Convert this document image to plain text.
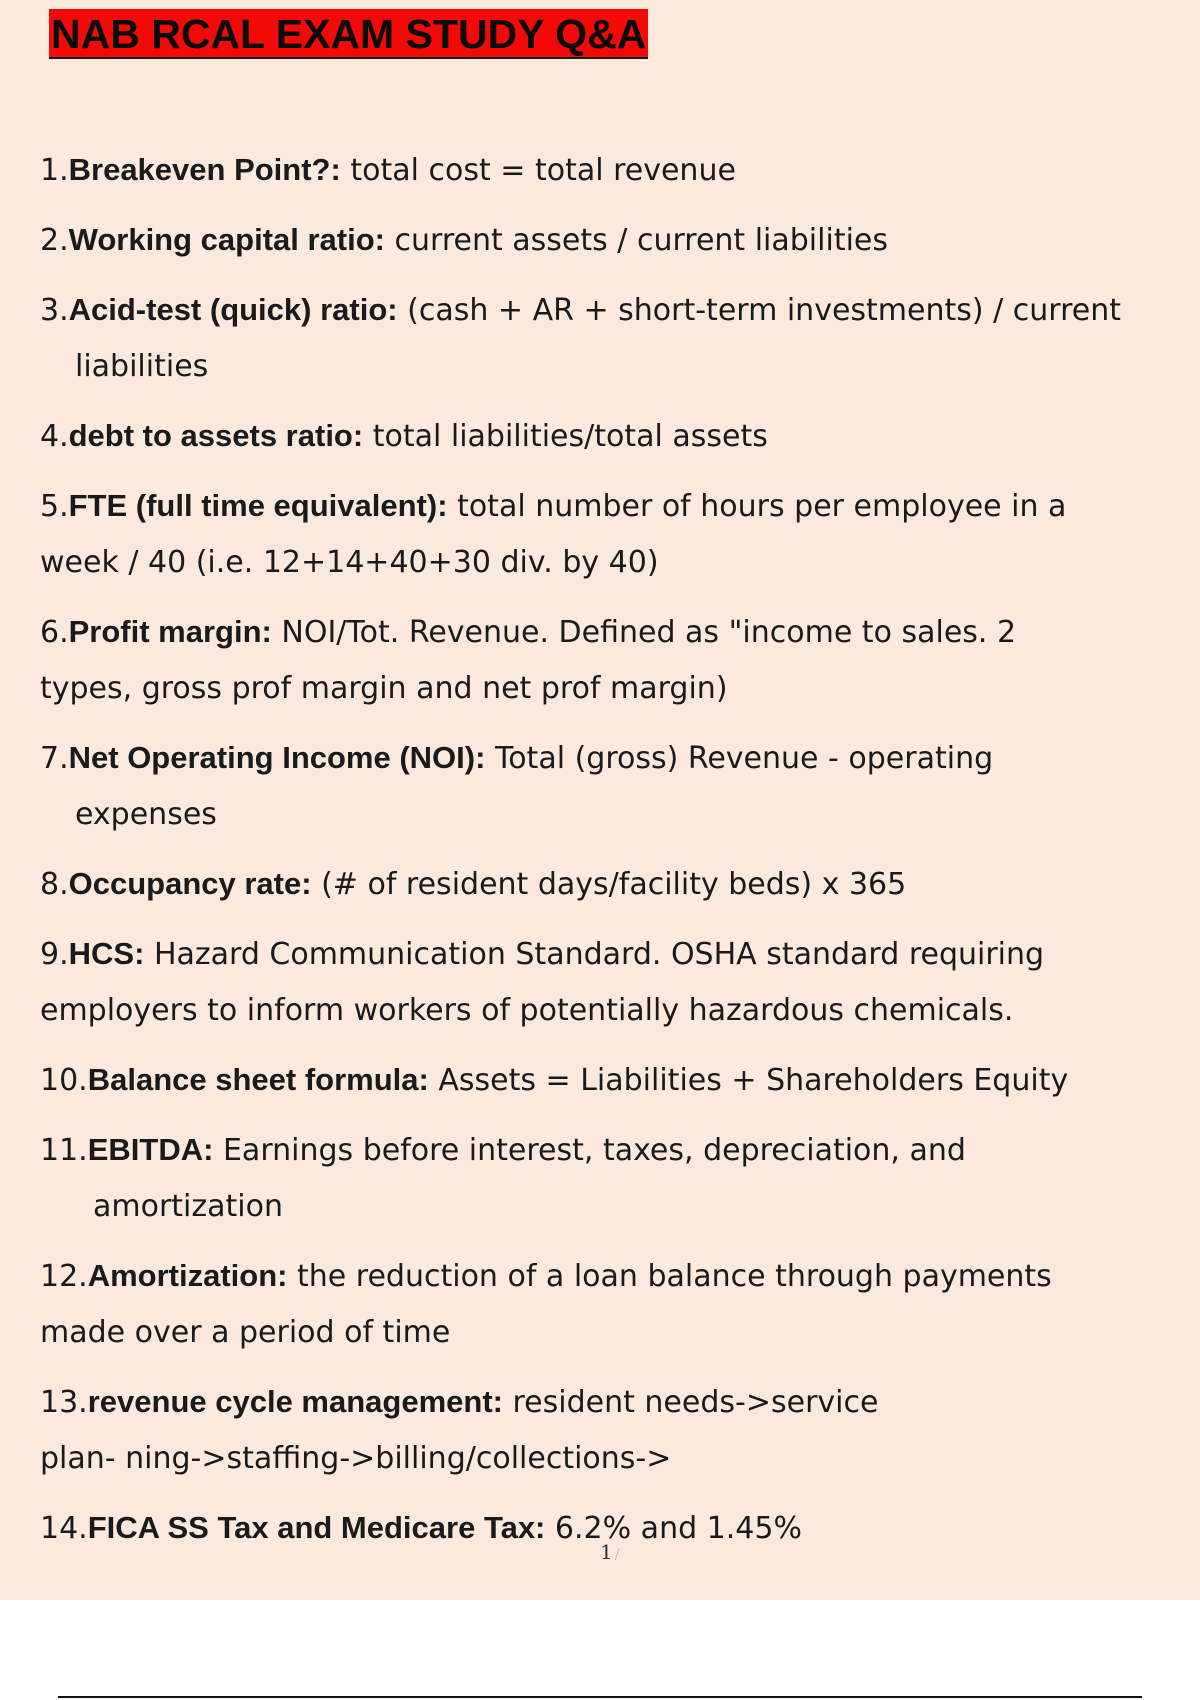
NAB RCAL EXAM STUDY Q&A
1.Breakeven Point?: total cost = total revenue
2.Working capital ratio: current assets / current liabilities
3.Acid-test (quick) ratio: (cash + AR + short-term investments) / current
liabilities
4.debt to assets ratio: total liabilities/total assets
5.FTE (full time equivalent): total number of hours per employee in a
week / 40 (i.e. 12+14+40+30 div. by 40)
6.Profit margin: NOI/Tot. Revenue. Defined as "income to sales. 2
types, gross prof margin and net prof margin)
7.Net Operating Income (NOI): Total (gross) Revenue - operating
expenses
8.Occupancy rate: (# of resident days/facility beds) x 365
9.HCS: Hazard Communication Standard. OSHA standard requiring
employers to inform workers of potentially hazardous chemicals.
10.Balance sheet formula: Assets = Liabilities + Shareholders Equity
11.EBITDA: Earnings before interest, taxes, depreciation, and
amortization
12.Amortization: the reduction of a loan balance through payments
made over a period of time
13.revenue cycle management: resident needs->service
plan- ning->staffing->billing/collections->
14.FICA SS Tax and Medicare Tax: 6.2% and 1.45%
1 /
